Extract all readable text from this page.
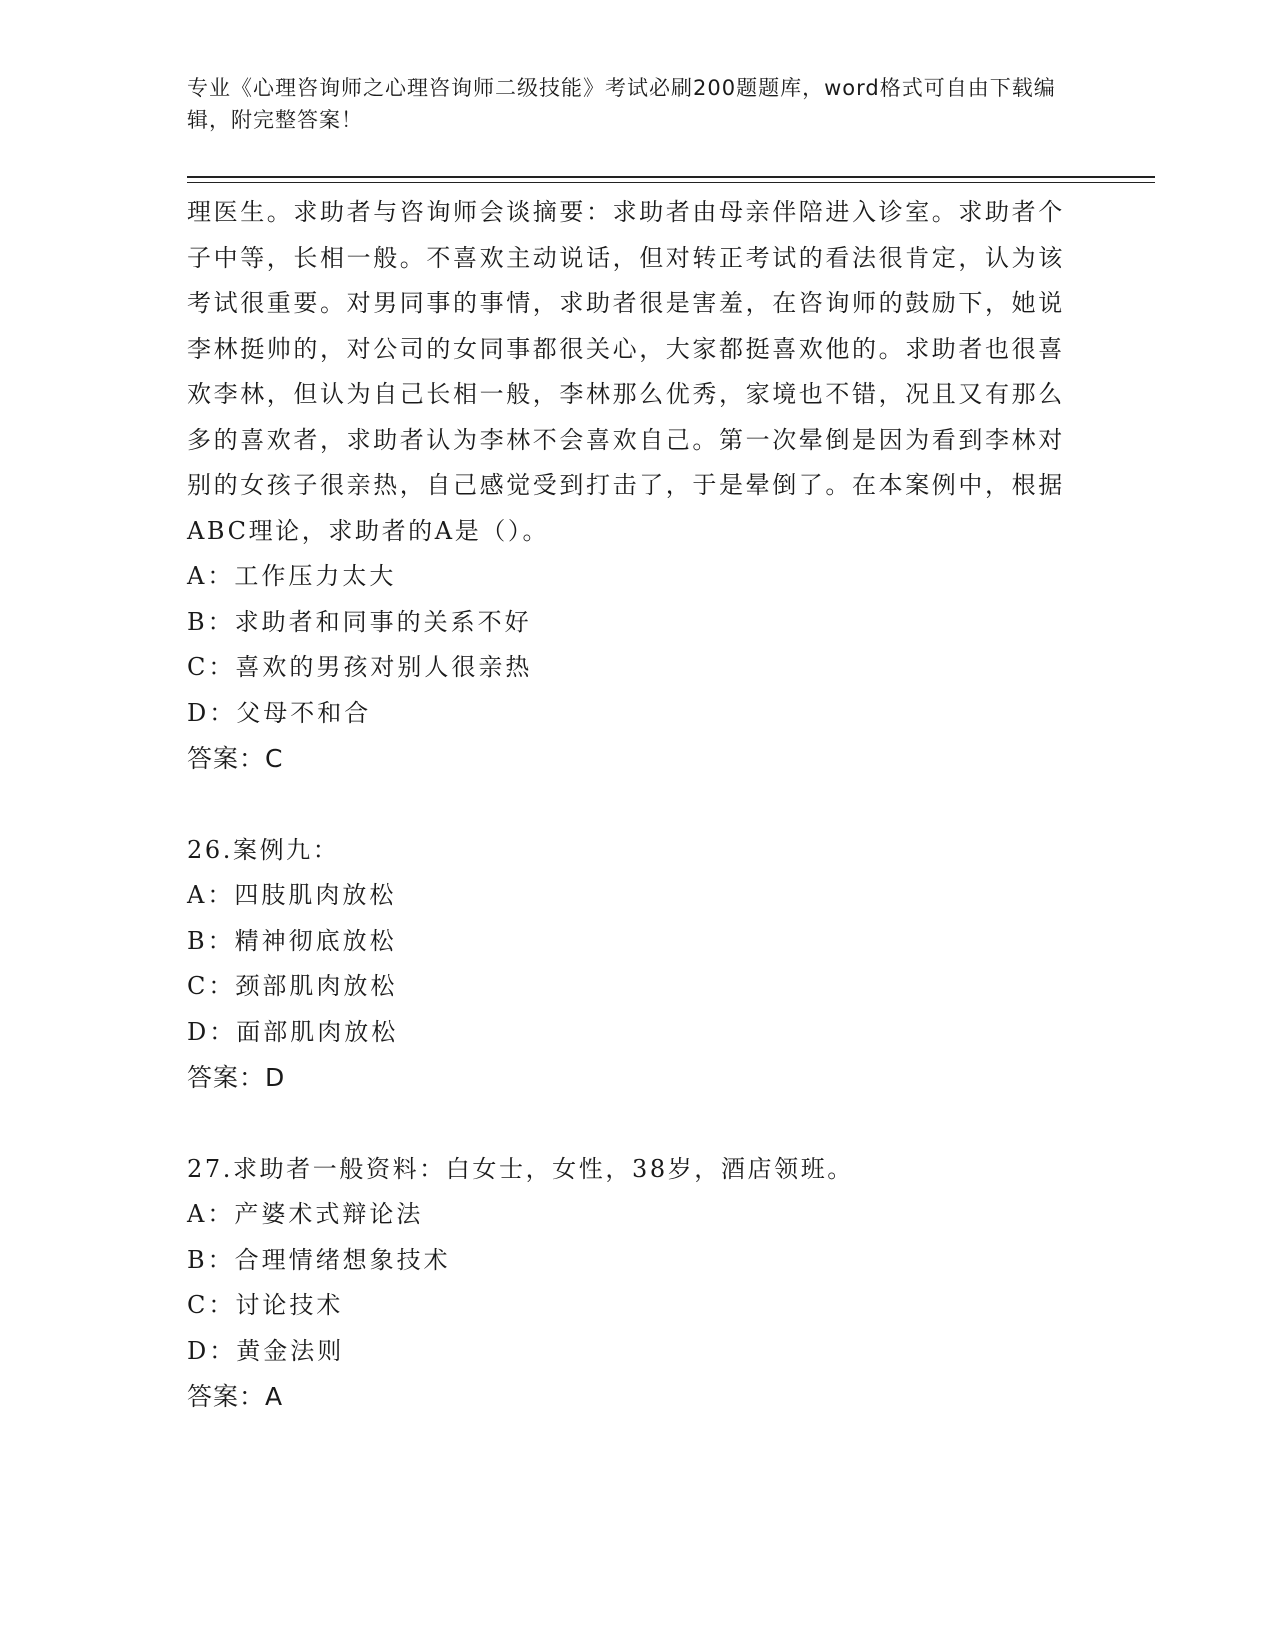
专业《心理咨询师之心理咨询师二级技能》考试必刷200题题库，word格式可自由下载编辑，附完整答案！

理医生。求助者与咨询师会谈摘要：求助者由母亲伴陪进入诊室。求助者个子中等，长相一般。不喜欢主动说话，但对转正考试的看法很肯定，认为该考试很重要。对男同事的事情，求助者很是害羞，在咨询师的鼓励下，她说李林挺帅的，对公司的女同事都很关心，大家都挺喜欢他的。求助者也很喜欢李林，但认为自己长相一般，李林那么优秀，家境也不错，况且又有那么多的喜欢者，求助者认为李林不会喜欢自己。第一次晕倒是因为看到李林对别的女孩子很亲热，自己感觉受到打击了，于是晕倒了。在本案例中，根据ABC理论，求助者的A是（）。

A：工作压力太大

B：求助者和同事的关系不好

C：喜欢的男孩对别人很亲热

D：父母不和合

答案：C

26.案例九：

A：四肢肌肉放松

B：精神彻底放松

C：颈部肌肉放松

D：面部肌肉放松

答案：D

27.求助者一般资料：白女士，女性，38岁，酒店领班。

A：产婆术式辩论法

B：合理情绪想象技术

C：讨论技术

D：黄金法则

答案：A
